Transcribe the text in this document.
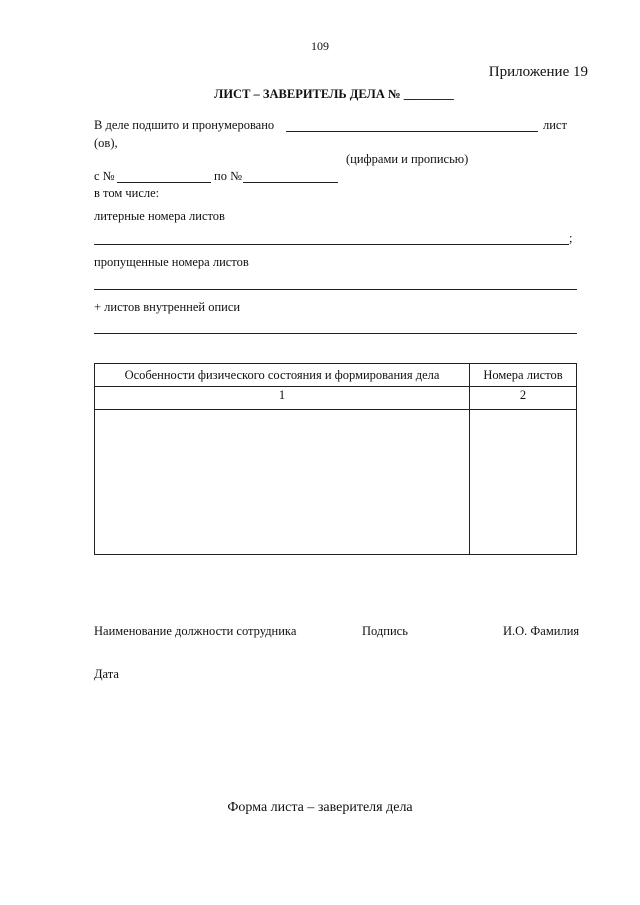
109
Приложение 19
ЛИСТ – ЗАВЕРИТЕЛЬ ДЕЛА № ________
В деле подшито и пронумеровано	лист
(ов),
(цифрами и прописью)
с №	по №
в том числе:
литерные номера листов
;
пропущенные номера листов
+ листов внутренней описи
Особенности физического состояния и формирования дела	Номера листов
1	2

Наименование должности сотрудника	Подпись	И.О. Фамилия
Дата
Форма листа – заверителя дела
